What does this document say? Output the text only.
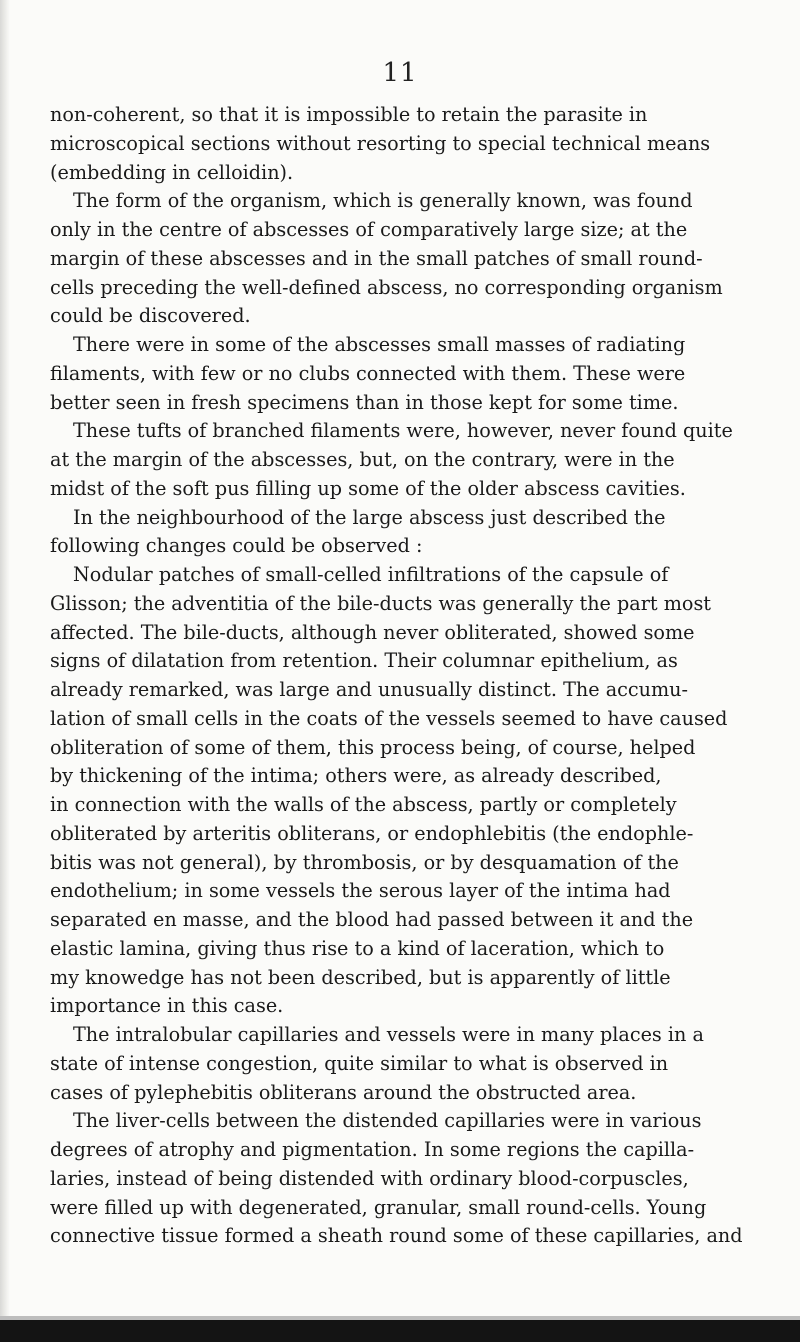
11
non-coherent, so that it is impossible to retain the parasite in
microscopical sections without resorting to special technical means
(embedding in celloidin).
The form of the organism, which is generally known, was found
only in the centre of abscesses of comparatively large size; at the
margin of these abscesses and in the small patches of small round-
cells preceding the well-defined abscess, no corresponding organism
could be discovered.
There were in some of the abscesses small masses of radiating
filaments, with few or no clubs connected with them. These were
better seen in fresh specimens than in those kept for some time.
These tufts of branched filaments were, however, never found quite
at the margin of the abscesses, but, on the contrary, were in the
midst of the soft pus filling up some of the older abscess cavities.
In the neighbourhood of the large abscess just described the
following changes could be observed :
Nodular patches of small-celled infiltrations of the capsule of
Glisson; the adventitia of the bile-ducts was generally the part most
affected. The bile-ducts, although never obliterated, showed some
signs of dilatation from retention. Their columnar epithelium, as
already remarked, was large and unusually distinct. The accumu-
lation of small cells in the coats of the vessels seemed to have caused
obliteration of some of them, this process being, of course, helped
by thickening of the intima; others were, as already described,
in connection with the walls of the abscess, partly or completely
obliterated by arteritis obliterans, or endophlebitis (the endophle-
bitis was not general), by thrombosis, or by desquamation of the
endothelium; in some vessels the serous layer of the intima had
separated en masse, and the blood had passed between it and the
elastic lamina, giving thus rise to a kind of laceration, which to
my knowedge has not been described, but is apparently of little
importance in this case.
The intralobular capillaries and vessels were in many places in a
state of intense congestion, quite similar to what is observed in
cases of pylephebitis obliterans around the obstructed area.
The liver-cells between the distended capillaries were in various
degrees of atrophy and pigmentation. In some regions the capilla-
laries, instead of being distended with ordinary blood-corpuscles,
were filled up with degenerated, granular, small round-cells. Young
connective tissue formed a sheath round some of these capillaries, and
